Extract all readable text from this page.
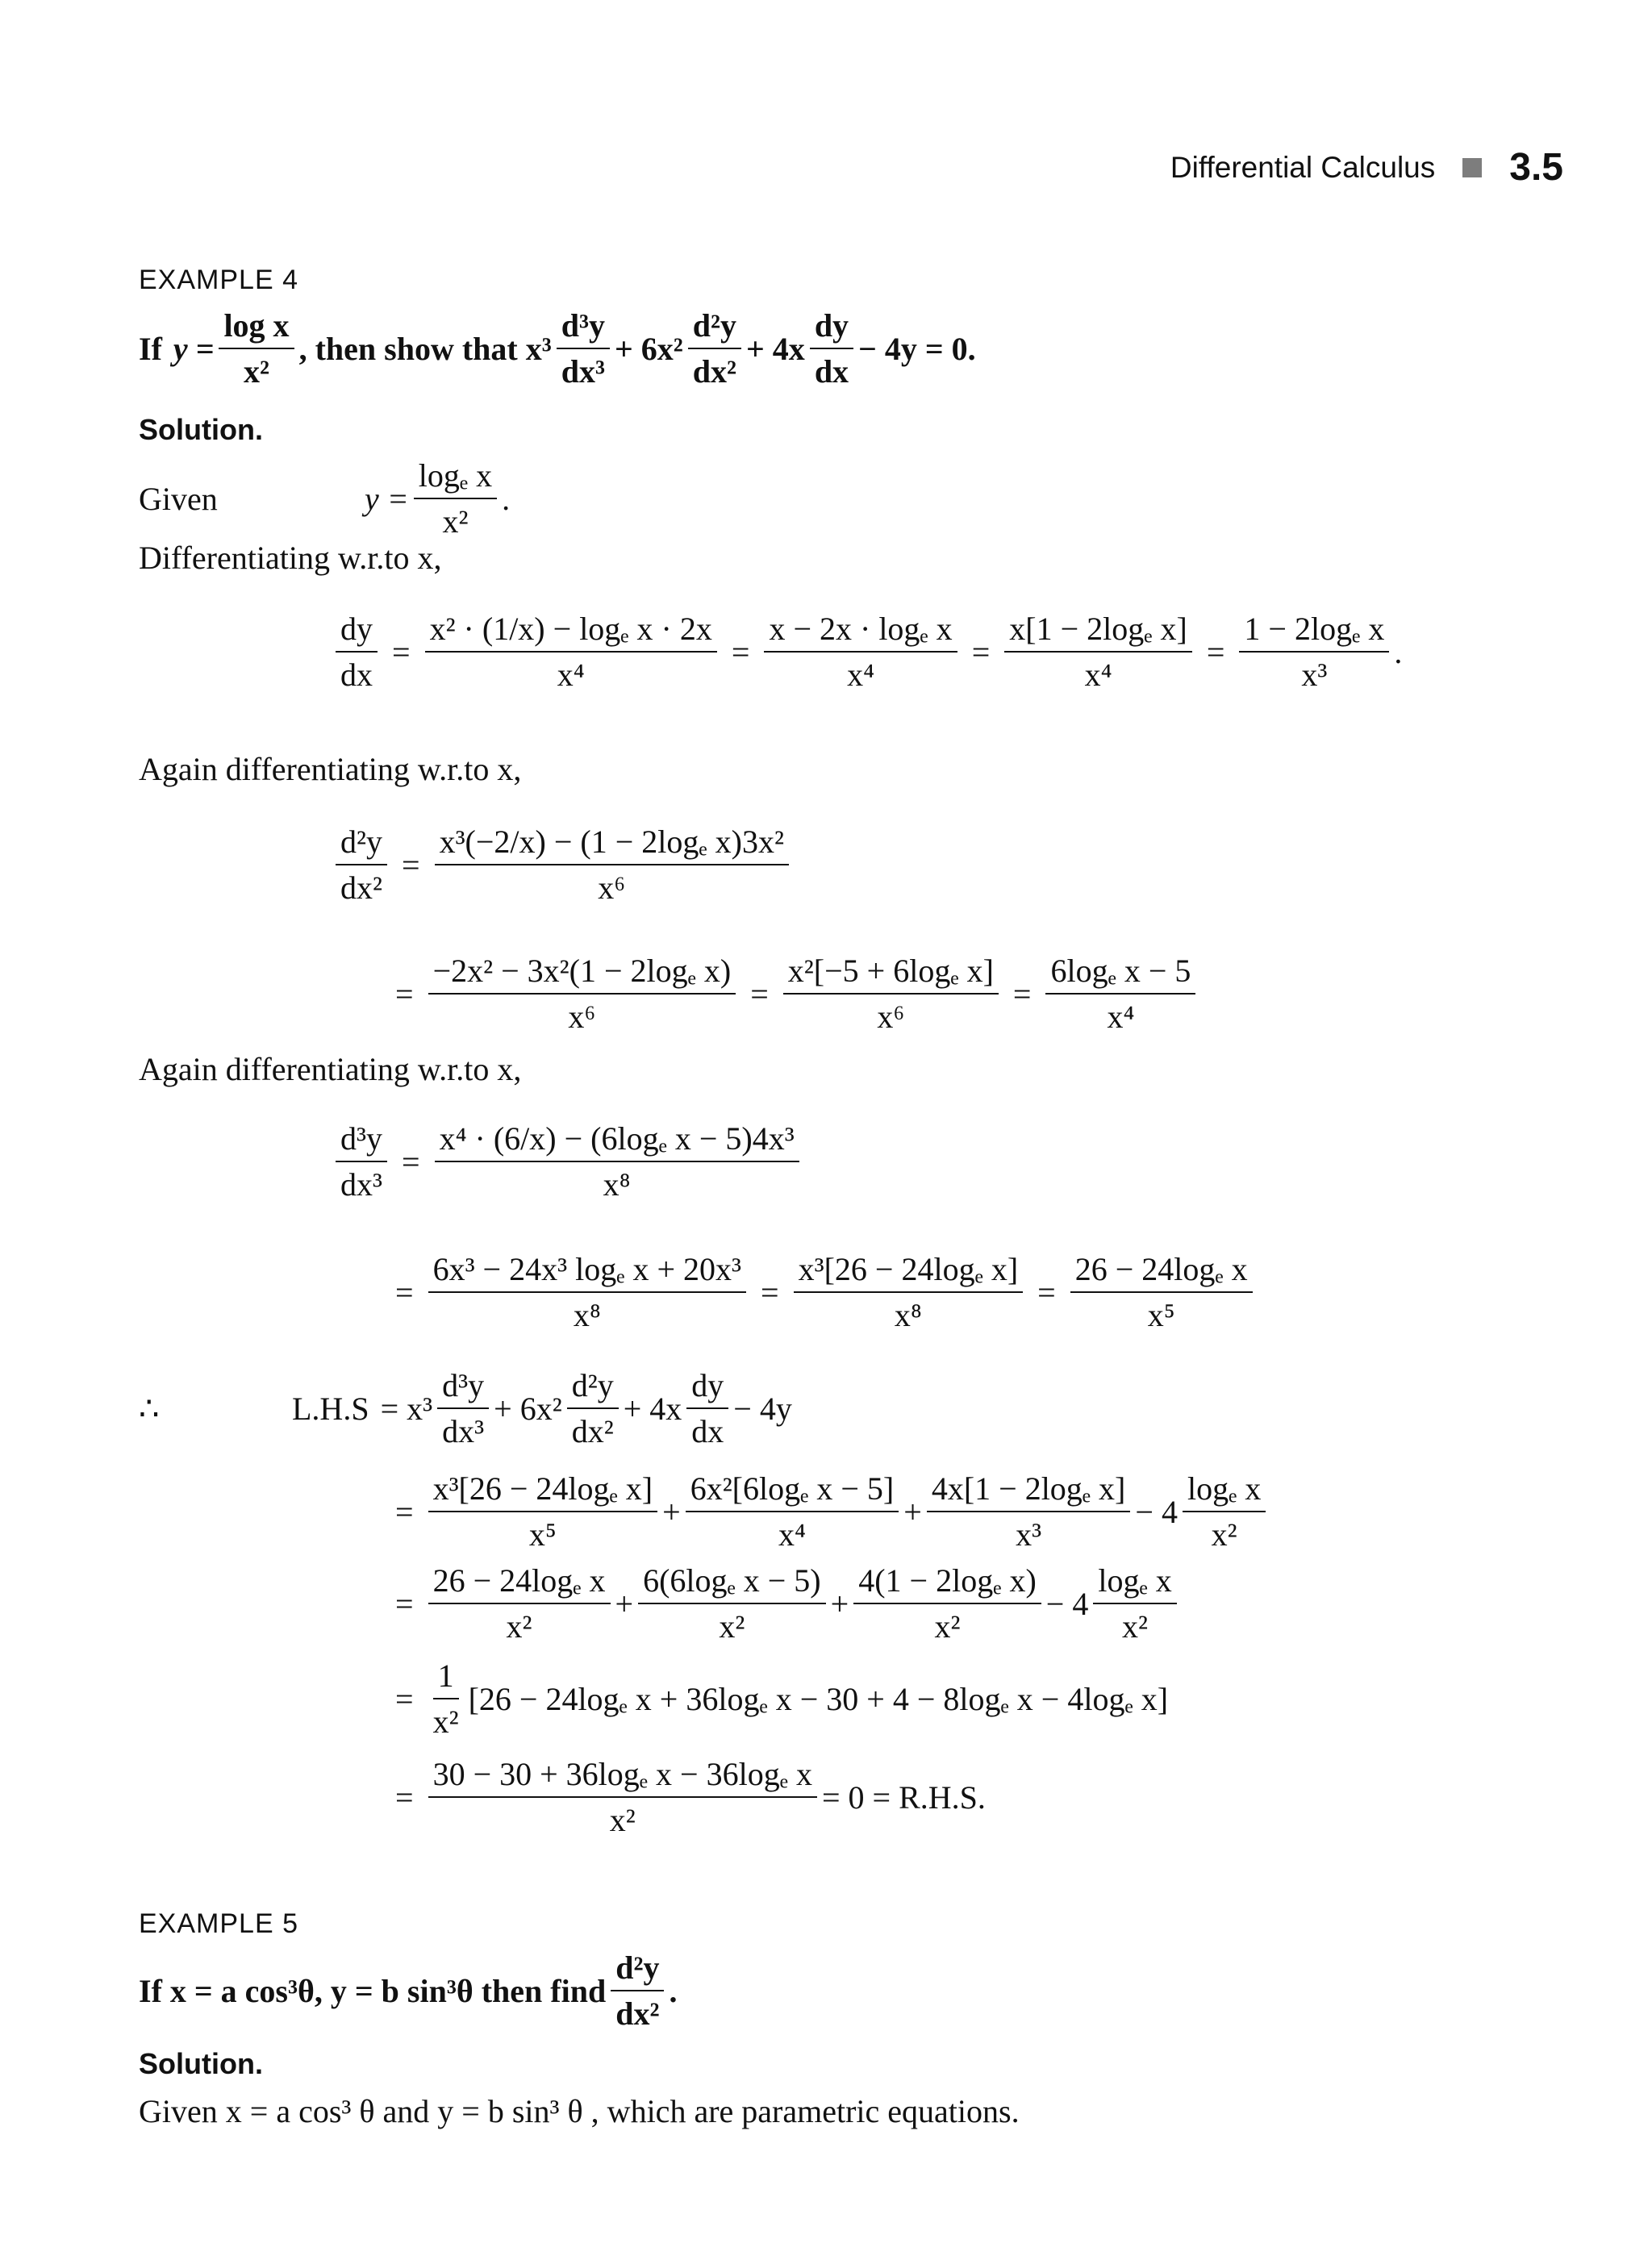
Differential Calculus 3.5
EXAMPLE 4
If $y = \frac{\text{log x}}{\text{x²}}$ , then show that $x^3 \frac{\text{d³y}}{\text{dx³}} + 6x^2 \frac{\text{d²y}}{\text{dx²}} + 4x \frac{dy}{dx} - 4y = 0$.
Solution.
Given	$y = \frac{\text{logₑ x}}{\text{x²}}$ .
Differentiating w.r.to x,
$\frac{dy}{dx} = \frac{\text{x² · (1/x) − logₑ x · 2x}}{\text{x⁴}} = \frac{\text{x − 2x · logₑ x}}{\text{x⁴}} = \frac{\text{x[1 − 2logₑ x]}}{\text{x⁴}} = \frac{\text{1 − 2logₑ x}}{\text{x³}}$ .
Again differentiating w.r.to x,
$\frac{\text{d²y}}{\text{dx²}} = \frac{\text{x³(−2/x) − (1 − 2logₑ x)3x²}}{\text{x⁶}}$
= $\frac{\text{−2x² − 3x²(1 − 2logₑ x)}}{\text{x⁶}} = \frac{\text{x²[−5 + 6logₑ x]}}{\text{x⁶}} = \frac{\text{6logₑ x − 5}}{\text{x⁴}}$
Again differentiating w.r.to x,
$\frac{\text{d³y}}{\text{dx³}} = \frac{\text{x⁴ · (6/x) − (6logₑ x − 5)4x³}}{\text{x⁸}}$
= $\frac{\text{6x³ − 24x³ logₑ x + 20x³}}{\text{x⁸}} = \frac{\text{x³[26 − 24logₑ x]}}{\text{x⁸}} = \frac{\text{26 − 24logₑ x}}{\text{x⁵}}$
∴	$L.H.S = x^3 \frac{\text{d³y}}{\text{dx³}} + 6x^2 \frac{\text{d²y}}{\text{dx²}} + 4x \frac{dy}{dx} - 4y$
= $\frac{\text{x³[26 − 24logₑ x]}}{\text{x⁵}} + \frac{\text{6x²[6logₑ x − 5]}}{\text{x⁴}} + \frac{\text{4x[1 − 2logₑ x]}}{\text{x³}} - 4 \frac{\text{logₑ x}}{\text{x²}}$
= $\frac{\text{26 − 24logₑ x}}{\text{x²}} + \frac{\text{6(6logₑ x − 5)}}{\text{x²}} + \frac{\text{4(1 − 2logₑ x)}}{\text{x²}} - 4 \frac{\text{logₑ x}}{\text{x²}}$
= $\frac{1}{\text{x²}} [26 - 24\log_e$ x + 36logₑ x − 30 + 4 − 8logₑ x − 4logₑ x]
= $\frac{\text{30 − 30 + 36logₑ x − 36logₑ x}}{\text{x²}} = 0 = R.H.S$.
EXAMPLE 5
If x = a cos³θ, y = b sin³θ then find $\frac{\text{d²y}}{\text{dx²}}$ .
Solution.
Given x = a cos³ θ and y = b sin³ θ , which are parametric equations.
